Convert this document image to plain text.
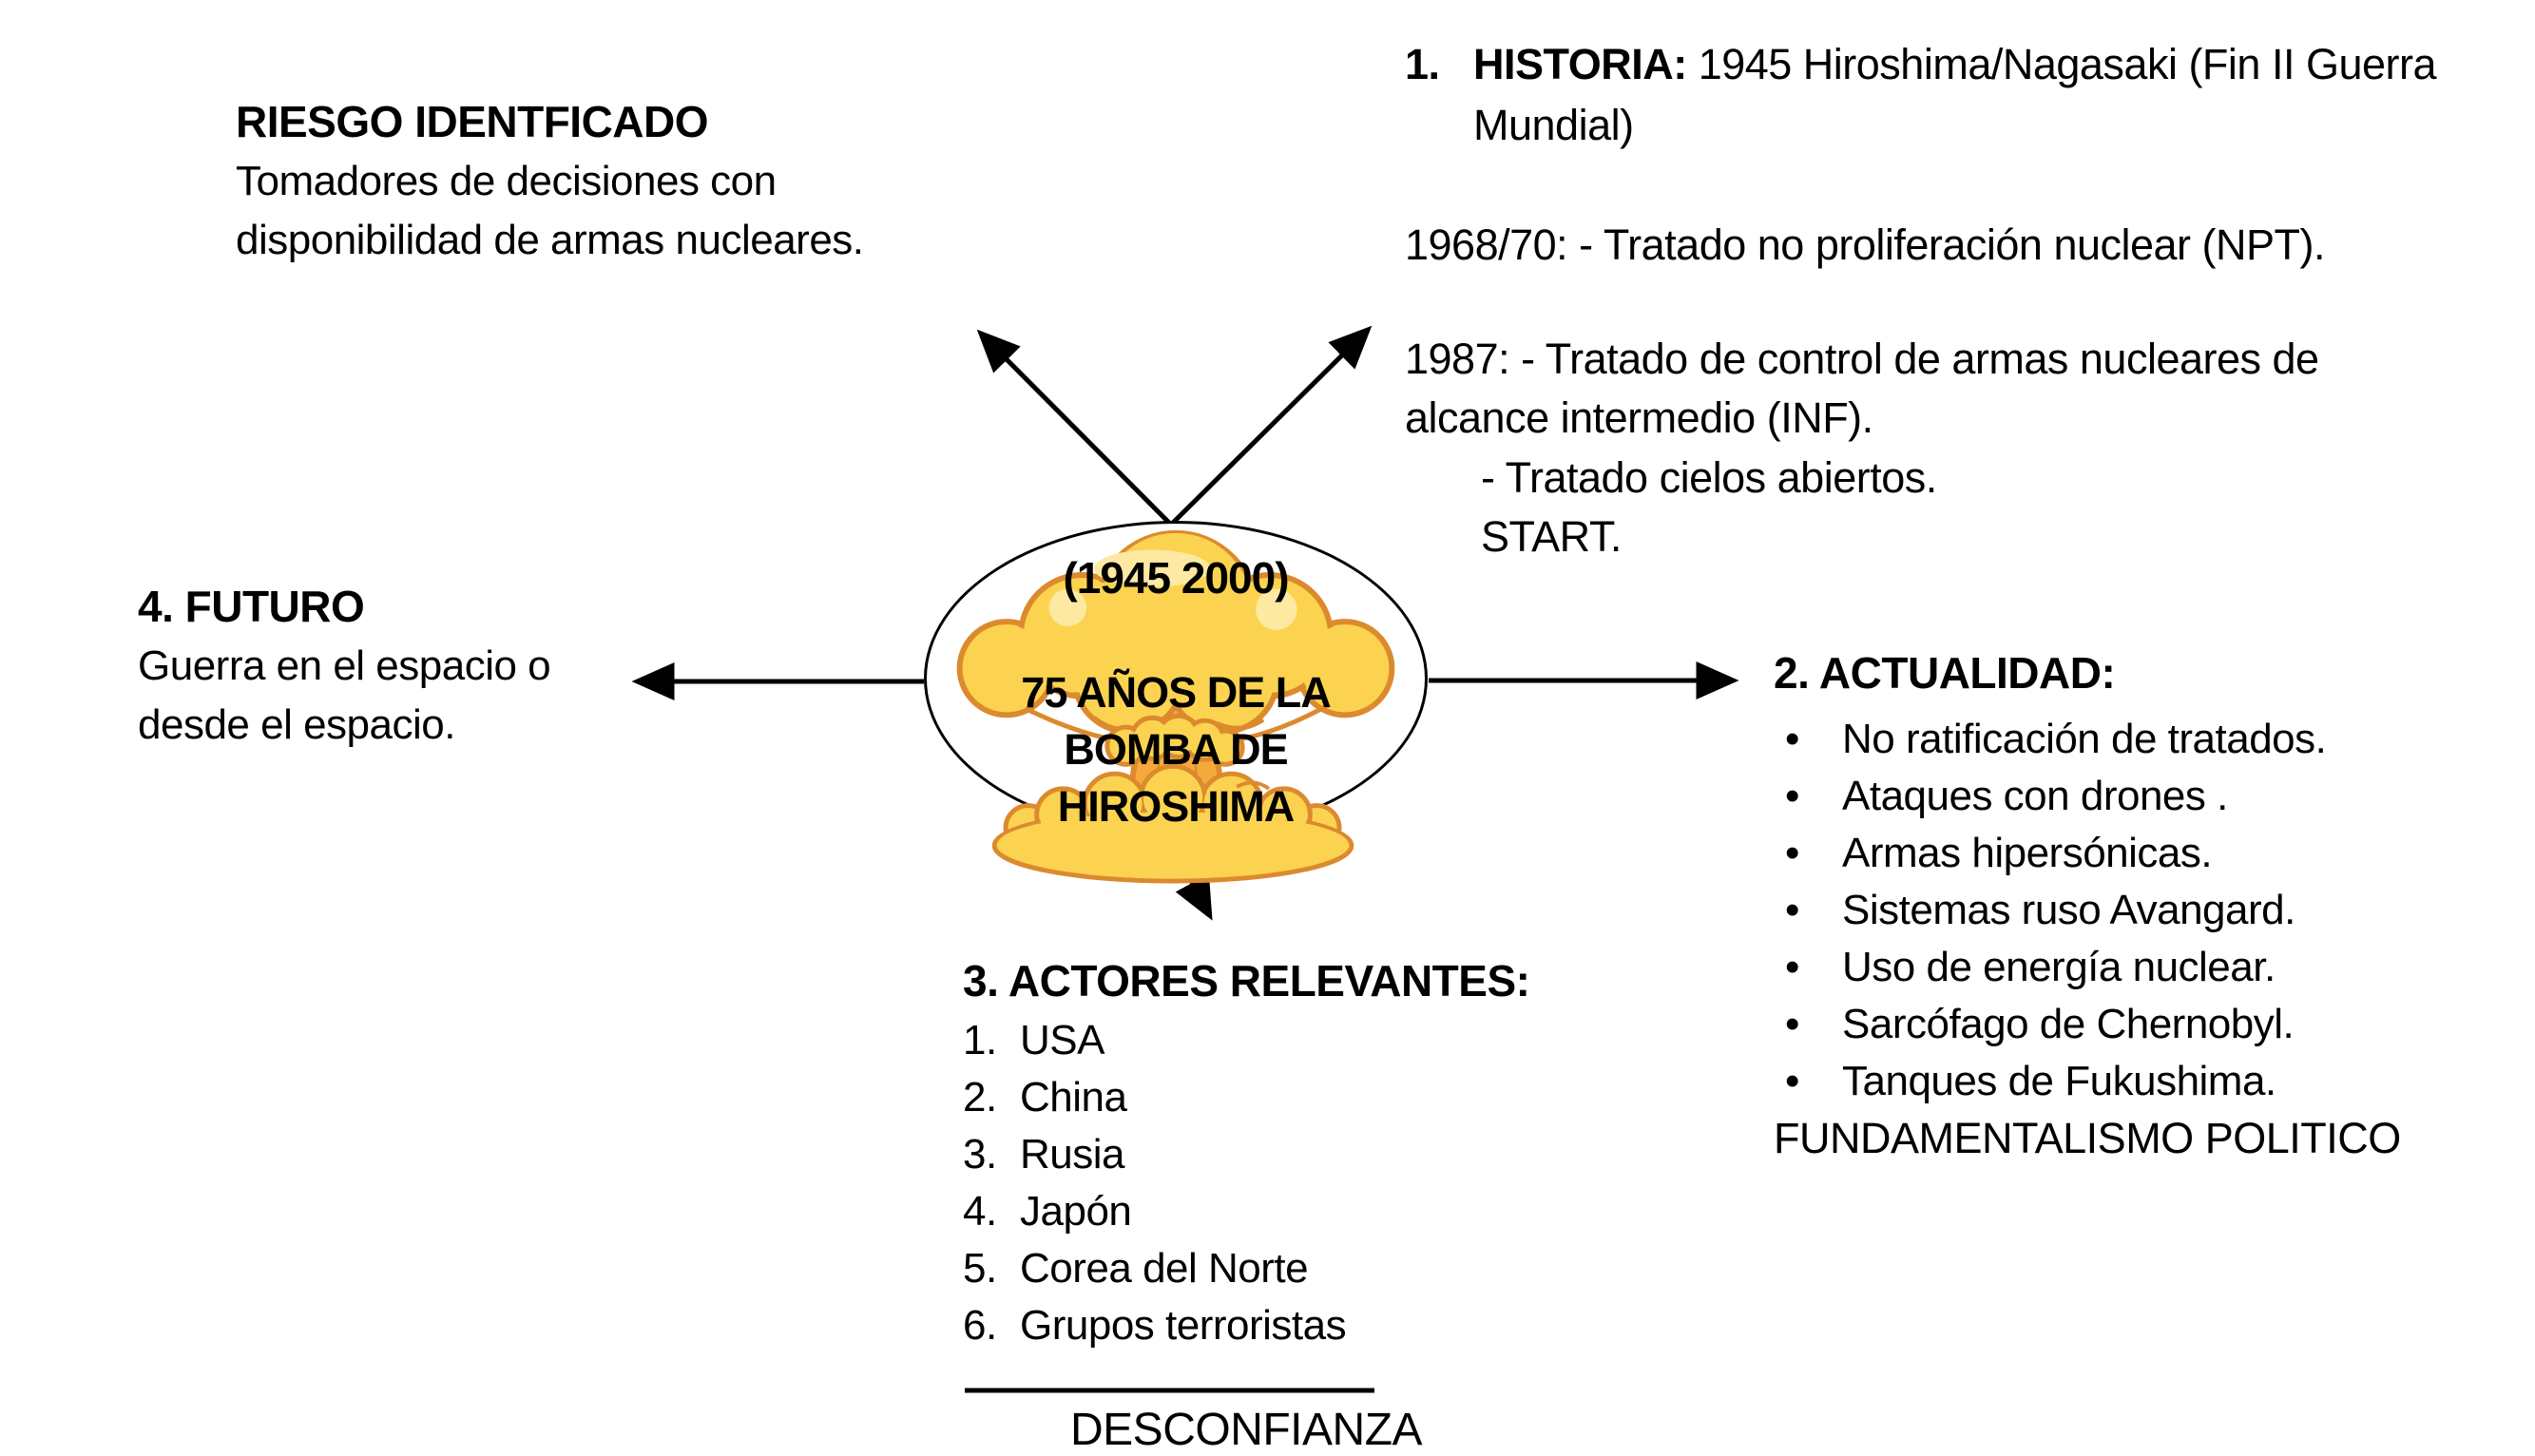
RIESGO IDENTFICADO
Tomadores de decisiones con
disponibilidad de armas nucleares.
1. HISTORIA: 1945 Hiroshima/Nagasaki (Fin II Guerra
Mundial)
1968/70: - Tratado no proliferación nuclear (NPT).
1987: - Tratado de control de armas nucleares de
alcance intermedio (INF).
- Tratado cielos abiertos.
START.
4. FUTURO
Guerra en el espacio o
desde el espacio.
(1945 2000)
75 AÑOS DE LA
BOMBA DE
HIROSHIMA
2. ACTUALIDAD:
• No ratificación de tratados.
• Ataques con drones .
• Armas hipersónicas.
• Sistemas ruso Avangard.
• Uso de energía nuclear.
• Sarcófago de Chernobyl.
• Tanques de Fukushima.
FUNDAMENTALISMO POLITICO
3. ACTORES RELEVANTES:
1. USA
2. China
3. Rusia
4. Japón
5. Corea del Norte
6. Grupos terroristas
DESCONFIANZA
